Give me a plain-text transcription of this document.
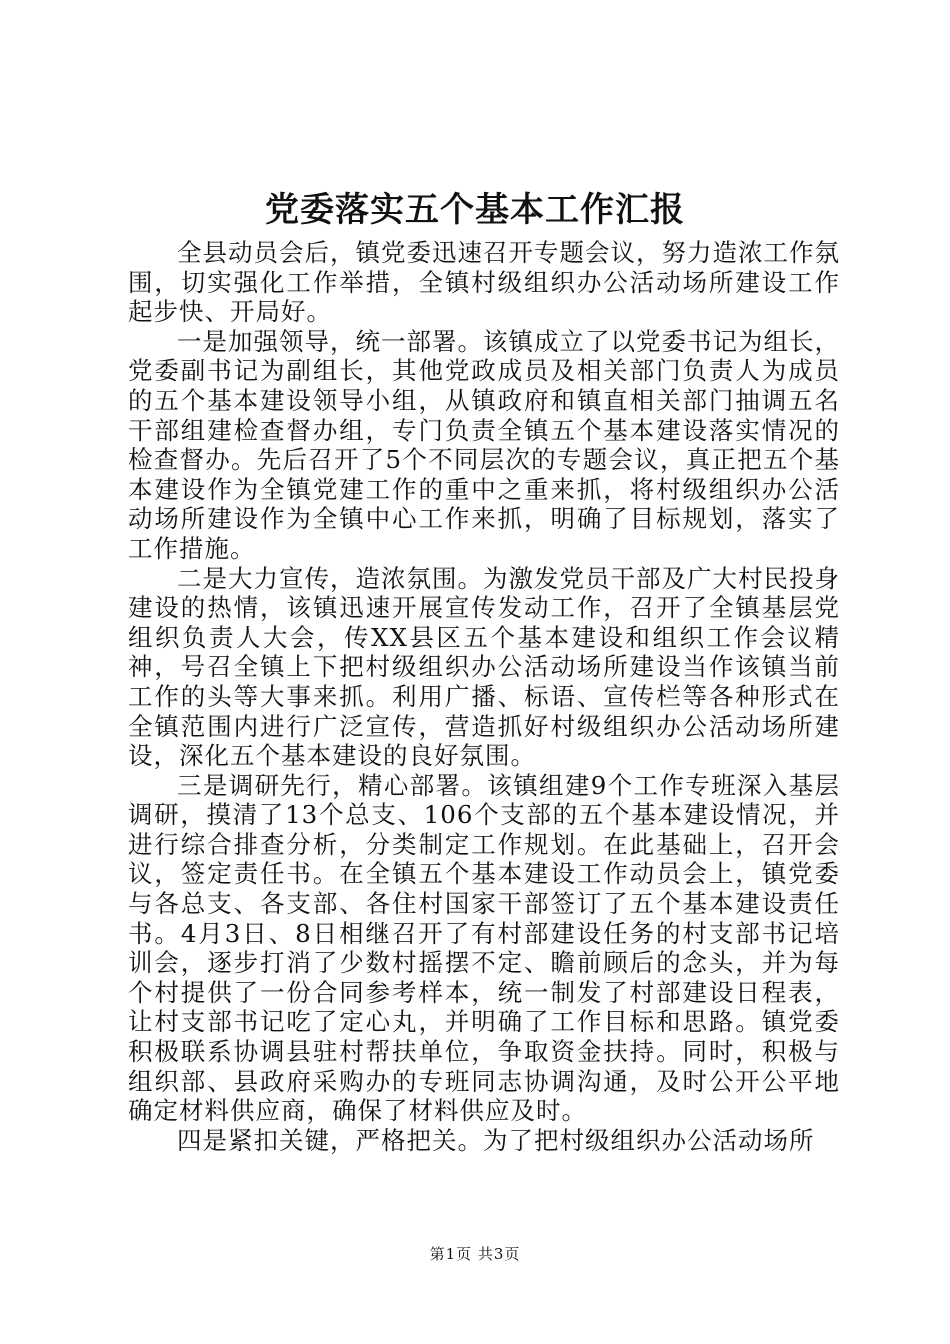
党委落实五个基本工作汇报

全县动员会后，镇党委迅速召开专题会议，努力造浓工作氛围，切实强化工作举措，全镇村级组织办公活动场所建设工作起步快、开局好。

一是加强领导，统一部署。该镇成立了以党委书记为组长，党委副书记为副组长，其他党政成员及相关部门负责人为成员的五个基本建设领导小组，从镇政府和镇直相关部门抽调五名干部组建检查督办组，专门负责全镇五个基本建设落实情况的检查督办。先后召开了5个不同层次的专题会议，真正把五个基本建设作为全镇党建工作的重中之重来抓，将村级组织办公活动场所建设作为全镇中心工作来抓，明确了目标规划，落实了工作措施。

二是大力宣传，造浓氛围。为激发党员干部及广大村民投身建设的热情，该镇迅速开展宣传发动工作，召开了全镇基层党组织负责人大会，传XX县区五个基本建设和组织工作会议精神，号召全镇上下把村级组织办公活动场所建设当作该镇当前工作的头等大事来抓。利用广播、标语、宣传栏等各种形式在全镇范围内进行广泛宣传，营造抓好村级组织办公活动场所建设，深化五个基本建设的良好氛围。

三是调研先行，精心部署。该镇组建9个工作专班深入基层调研，摸清了13个总支、106个支部的五个基本建设情况，并进行综合排查分析，分类制定工作规划。在此基础上，召开会议，签定责任书。在全镇五个基本建设工作动员会上，镇党委与各总支、各支部、各住村国家干部签订了五个基本建设责任书。4月3日、8日相继召开了有村部建设任务的村支部书记培训会，逐步打消了少数村摇摆不定、瞻前顾后的念头，并为每个村提供了一份合同参考样本，统一制发了村部建设日程表，让村支部书记吃了定心丸，并明确了工作目标和思路。镇党委积极联系协调县驻村帮扶单位，争取资金扶持。同时，积极与组织部、县政府采购办的专班同志协调沟通，及时公开公平地确定材料供应商，确保了材料供应及时。

四是紧扣关键，严格把关。为了把村级组织办公活动场所

第1页 共3页
